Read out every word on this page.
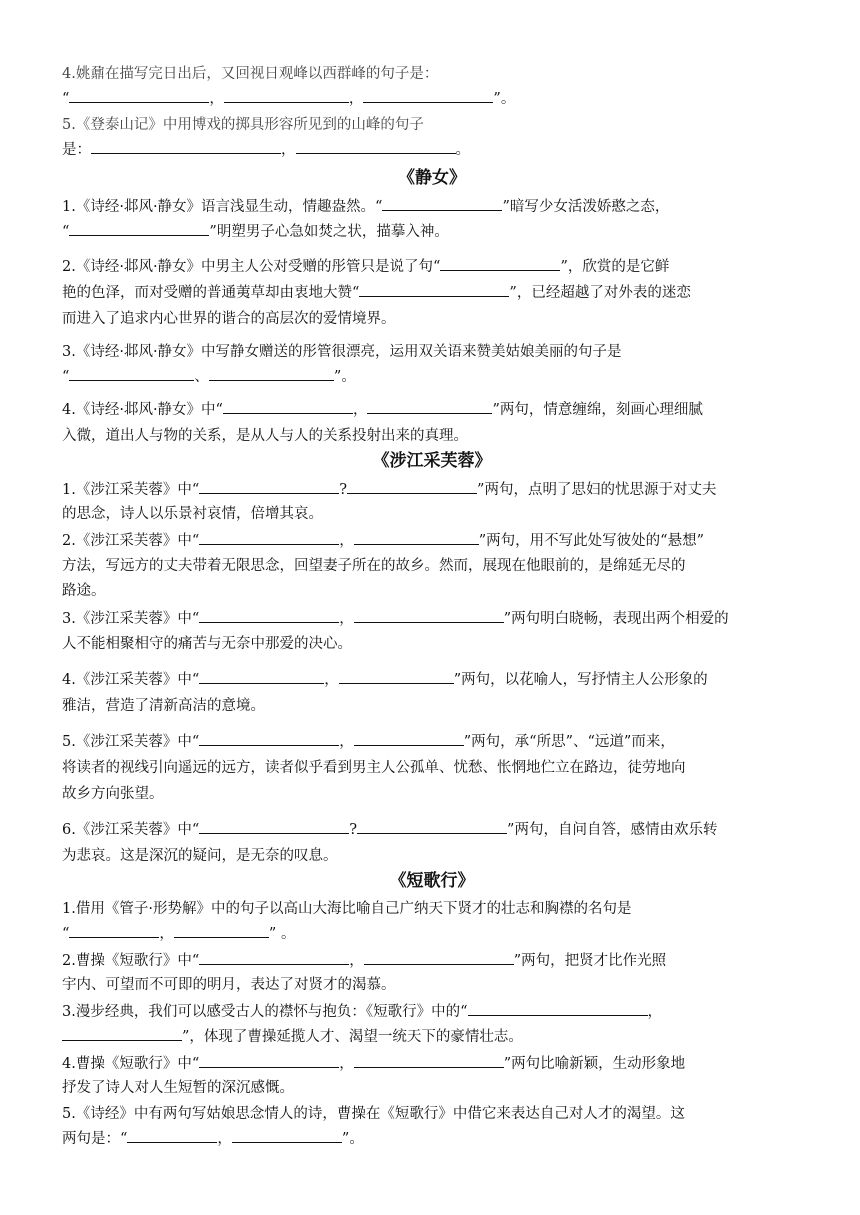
4.姚鼐在描写完日出后，又回视日观峰以西群峰的句子是：
“	，	，	”。
5.《登泰山记》中用博戏的掷具形容所见到的山峰的句子
是：	，	。
《静女》
1.《诗经·邶风·静女》语言浅显生动，情趣盎然。“	”暗写少女活泼娇憨之态，
“	”明塑男子心急如焚之状，描摹入神。
2.《诗经·邶风·静女》中男主人公对受赠的彤管只是说了句“	”，欣赏的是它鲜
艳的色泽，而对受赠的普通荑草却由衷地大赞“	”，已经超越了对外表的迷恋
而进入了追求内心世界的谐合的高层次的爱情境界。
3.《诗经·邶风·静女》中写静女赠送的彤管很漂亮，运用双关语来赞美姑娘美丽的句子是
“	、	”。
4.《诗经·邶风·静女》中“	，	”两句，情意缠绵，刻画心理细腻
入微，道出人与物的关系，是从人与人的关系投射出来的真理。
《涉江采芙蓉》
1.《涉江采芙蓉》中“	?	”两句，点明了思妇的忧思源于对丈夫
的思念，诗人以乐景衬哀情，倍增其哀。
2.《涉江采芙蓉》中“	，	”两句，用不写此处写彼处的“悬想”
方法，写远方的丈夫带着无限思念，回望妻子所在的故乡。然而，展现在他眼前的，是绵延无尽的
路途。
3.《涉江采芙蓉》中“	，	”两句明白晓畅，表现出两个相爱的
人不能相聚相守的痛苦与无奈中那爱的决心。
4.《涉江采芙蓉》中“	，	”两句，以花喻人，写抒情主人公形象的
雅洁，营造了清新高洁的意境。
5.《涉江采芙蓉》中“	，	”两句，承“所思”、“远道”而来，
将读者的视线引向遥远的远方，读者似乎看到男主人公孤单、忧愁、怅惘地伫立在路边，徒劳地向
故乡方向张望。
6.《涉江采芙蓉》中“	?	”两句，自问自答，感情由欢乐转
为悲哀。这是深沉的疑问，是无奈的叹息。
《短歌行》
1.借用《管子·形势解》中的句子以高山大海比喻自己广纳天下贤才的壮志和胸襟的名句是
“	，	” 。
2.曹操《短歌行》中“	，	”两句，把贤才比作光照
宇内、可望而不可即的明月，表达了对贤才的渴慕。
3.漫步经典，我们可以感受古人的襟怀与抱负：《短歌行》中的“	，
”，体现了曹操延揽人才、渴望一统天下的豪情壮志。
4.曹操《短歌行》中“	，	”两句比喻新颖，生动形象地
抒发了诗人对人生短暂的深沉感慨。
5.《诗经》中有两句写姑娘思念情人的诗，曹操在《短歌行》中借它来表达自己对人才的渴望。这
两句是：“	，	”。
